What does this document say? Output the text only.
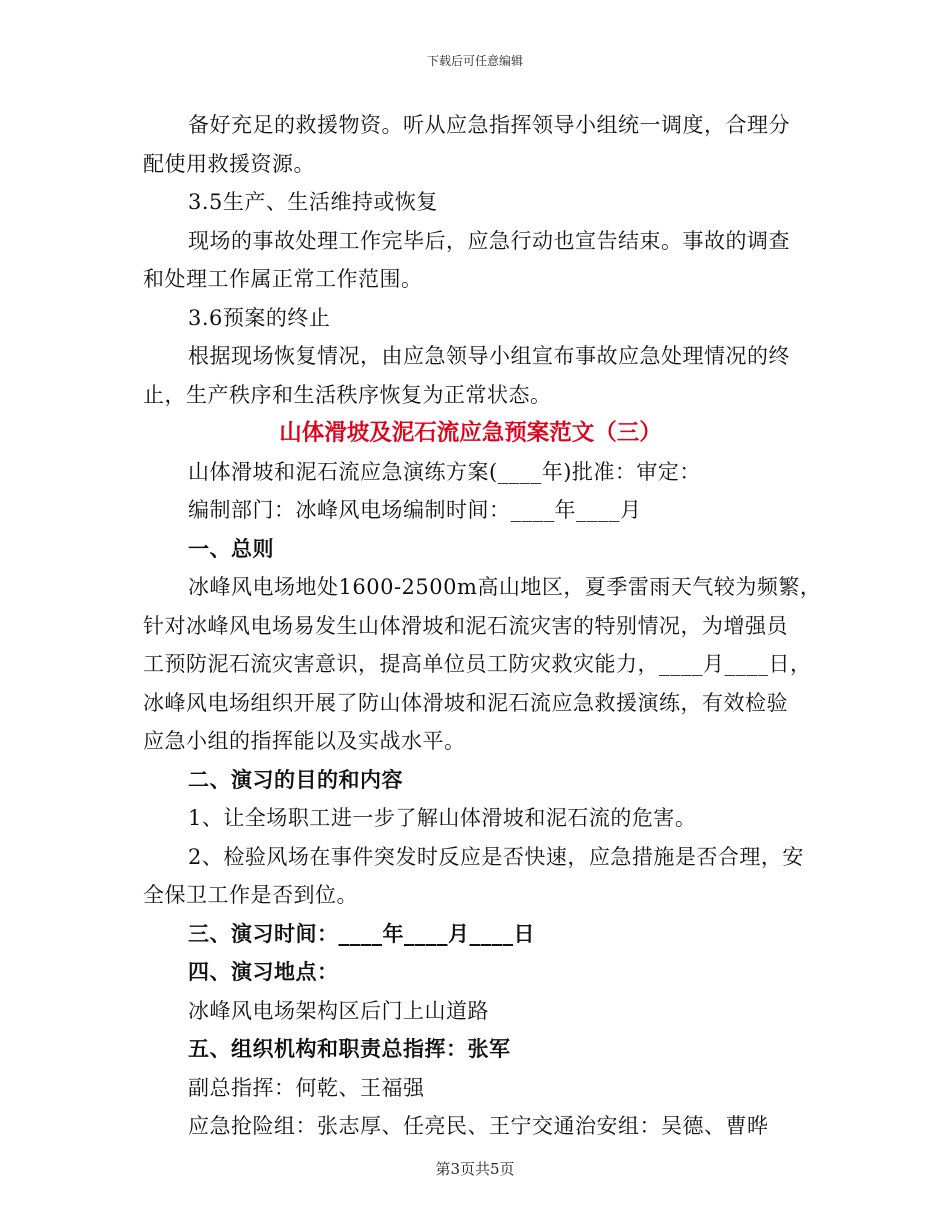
下载后可任意编辑
备好充足的救援物资。听从应急指挥领导小组统一调度，合理分
配使用救援资源。
3.5生产、生活维持或恢复
现场的事故处理工作完毕后，应急行动也宣告结束。事故的调查
和处理工作属正常工作范围。
3.6预案的终止
根据现场恢复情况，由应急领导小组宣布事故应急处理情况的终
止，生产秩序和生活秩序恢复为正常状态。
山体滑坡及泥石流应急预案范文（三）
山体滑坡和泥石流应急演练方案(____年)批准：审定：
编制部门：冰峰风电场编制时间：____年____月
一、总则
冰峰风电场地处1600-2500m高山地区，夏季雷雨天气较为频繁，
针对冰峰风电场易发生山体滑坡和泥石流灾害的特别情况，为增强员
工预防泥石流灾害意识，提高单位员工防灾救灾能力，____月____日，
冰峰风电场组织开展了防山体滑坡和泥石流应急救援演练，有效检验
应急小组的指挥能以及实战水平。
二、演习的目的和内容
1、让全场职工进一步了解山体滑坡和泥石流的危害。
2、检验风场在事件突发时反应是否快速，应急措施是否合理，安
全保卫工作是否到位。
三、演习时间：____年____月____日
四、演习地点：
冰峰风电场架构区后门上山道路
五、组织机构和职责总指挥：张军
副总指挥：何乾、王福强
应急抢险组：张志厚、任亮民、王宁交通治安组：吴德、曹晔
第3页共5页
